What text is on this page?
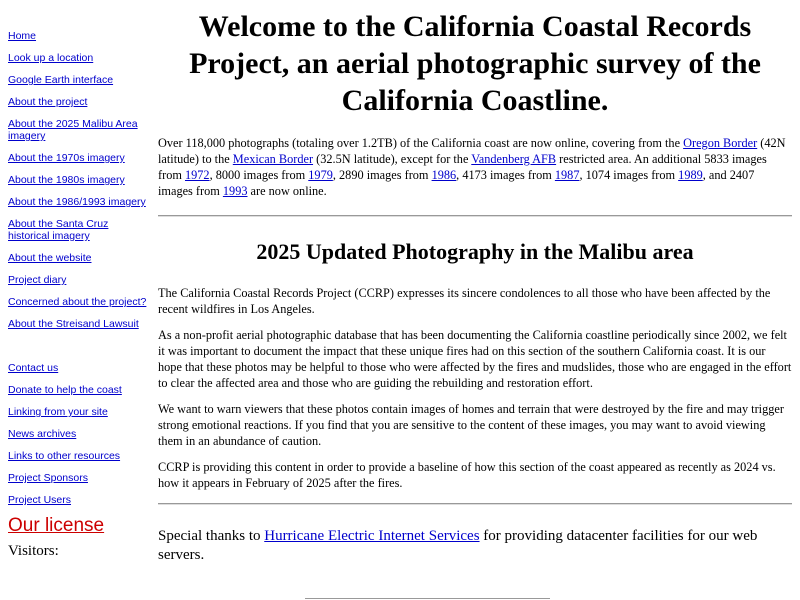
Home
Look up a location
Google Earth interface
About the project
About the 2025 Malibu Area imagery
About the 1970s imagery
About the 1980s imagery
About the 1986/1993 imagery
About the Santa Cruz historical imagery
About the website
Project diary
Concerned about the project?
About the Streisand Lawsuit
Contact us
Donate to help the coast
Linking from your site
News archives
Links to other resources
Project Sponsors
Project Users
Our license
Visitors:
Welcome to the California Coastal Records Project, an aerial photographic survey of the California Coastline.

Over 118,000 photographs (totaling over 1.2TB) of the California coast are now online, covering from the Oregon Border (42N latitude) to the Mexican Border (32.5N latitude), except for the Vandenberg AFB restricted area. An additional 5833 images from 1972, 8000 images from 1979, 2890 images from 1986, 4173 images from 1987, 1074 images from 1989, and 2407 images from 1993 are now online.

2025 Updated Photography in the Malibu area

The California Coastal Records Project (CCRP) expresses its sincere condolences to all those who have been affected by the recent wildfires in Los Angeles.

As a non-profit aerial photographic database that has been documenting the California coastline periodically since 2002, we felt it was important to document the impact that these unique fires had on this section of the southern California coast. It is our hope that these photos may be helpful to those who were affected by the fires and mudslides, those who are engaged in the effort to clear the affected area and those who are guiding the rebuilding and restoration effort.

We want to warn viewers that these photos contain images of homes and terrain that were destroyed by the fire and may trigger strong emotional reactions. If you find that you are sensitive to the content of these images, you may want to avoid viewing them in an abundance of caution.

CCRP is providing this content in order to provide a baseline of how this section of the coast appeared as recently as 2024 vs. how it appears in February of 2025 after the fires.

Special thanks to Hurricane Electric Internet Services for providing datacenter facilities for our web servers.
